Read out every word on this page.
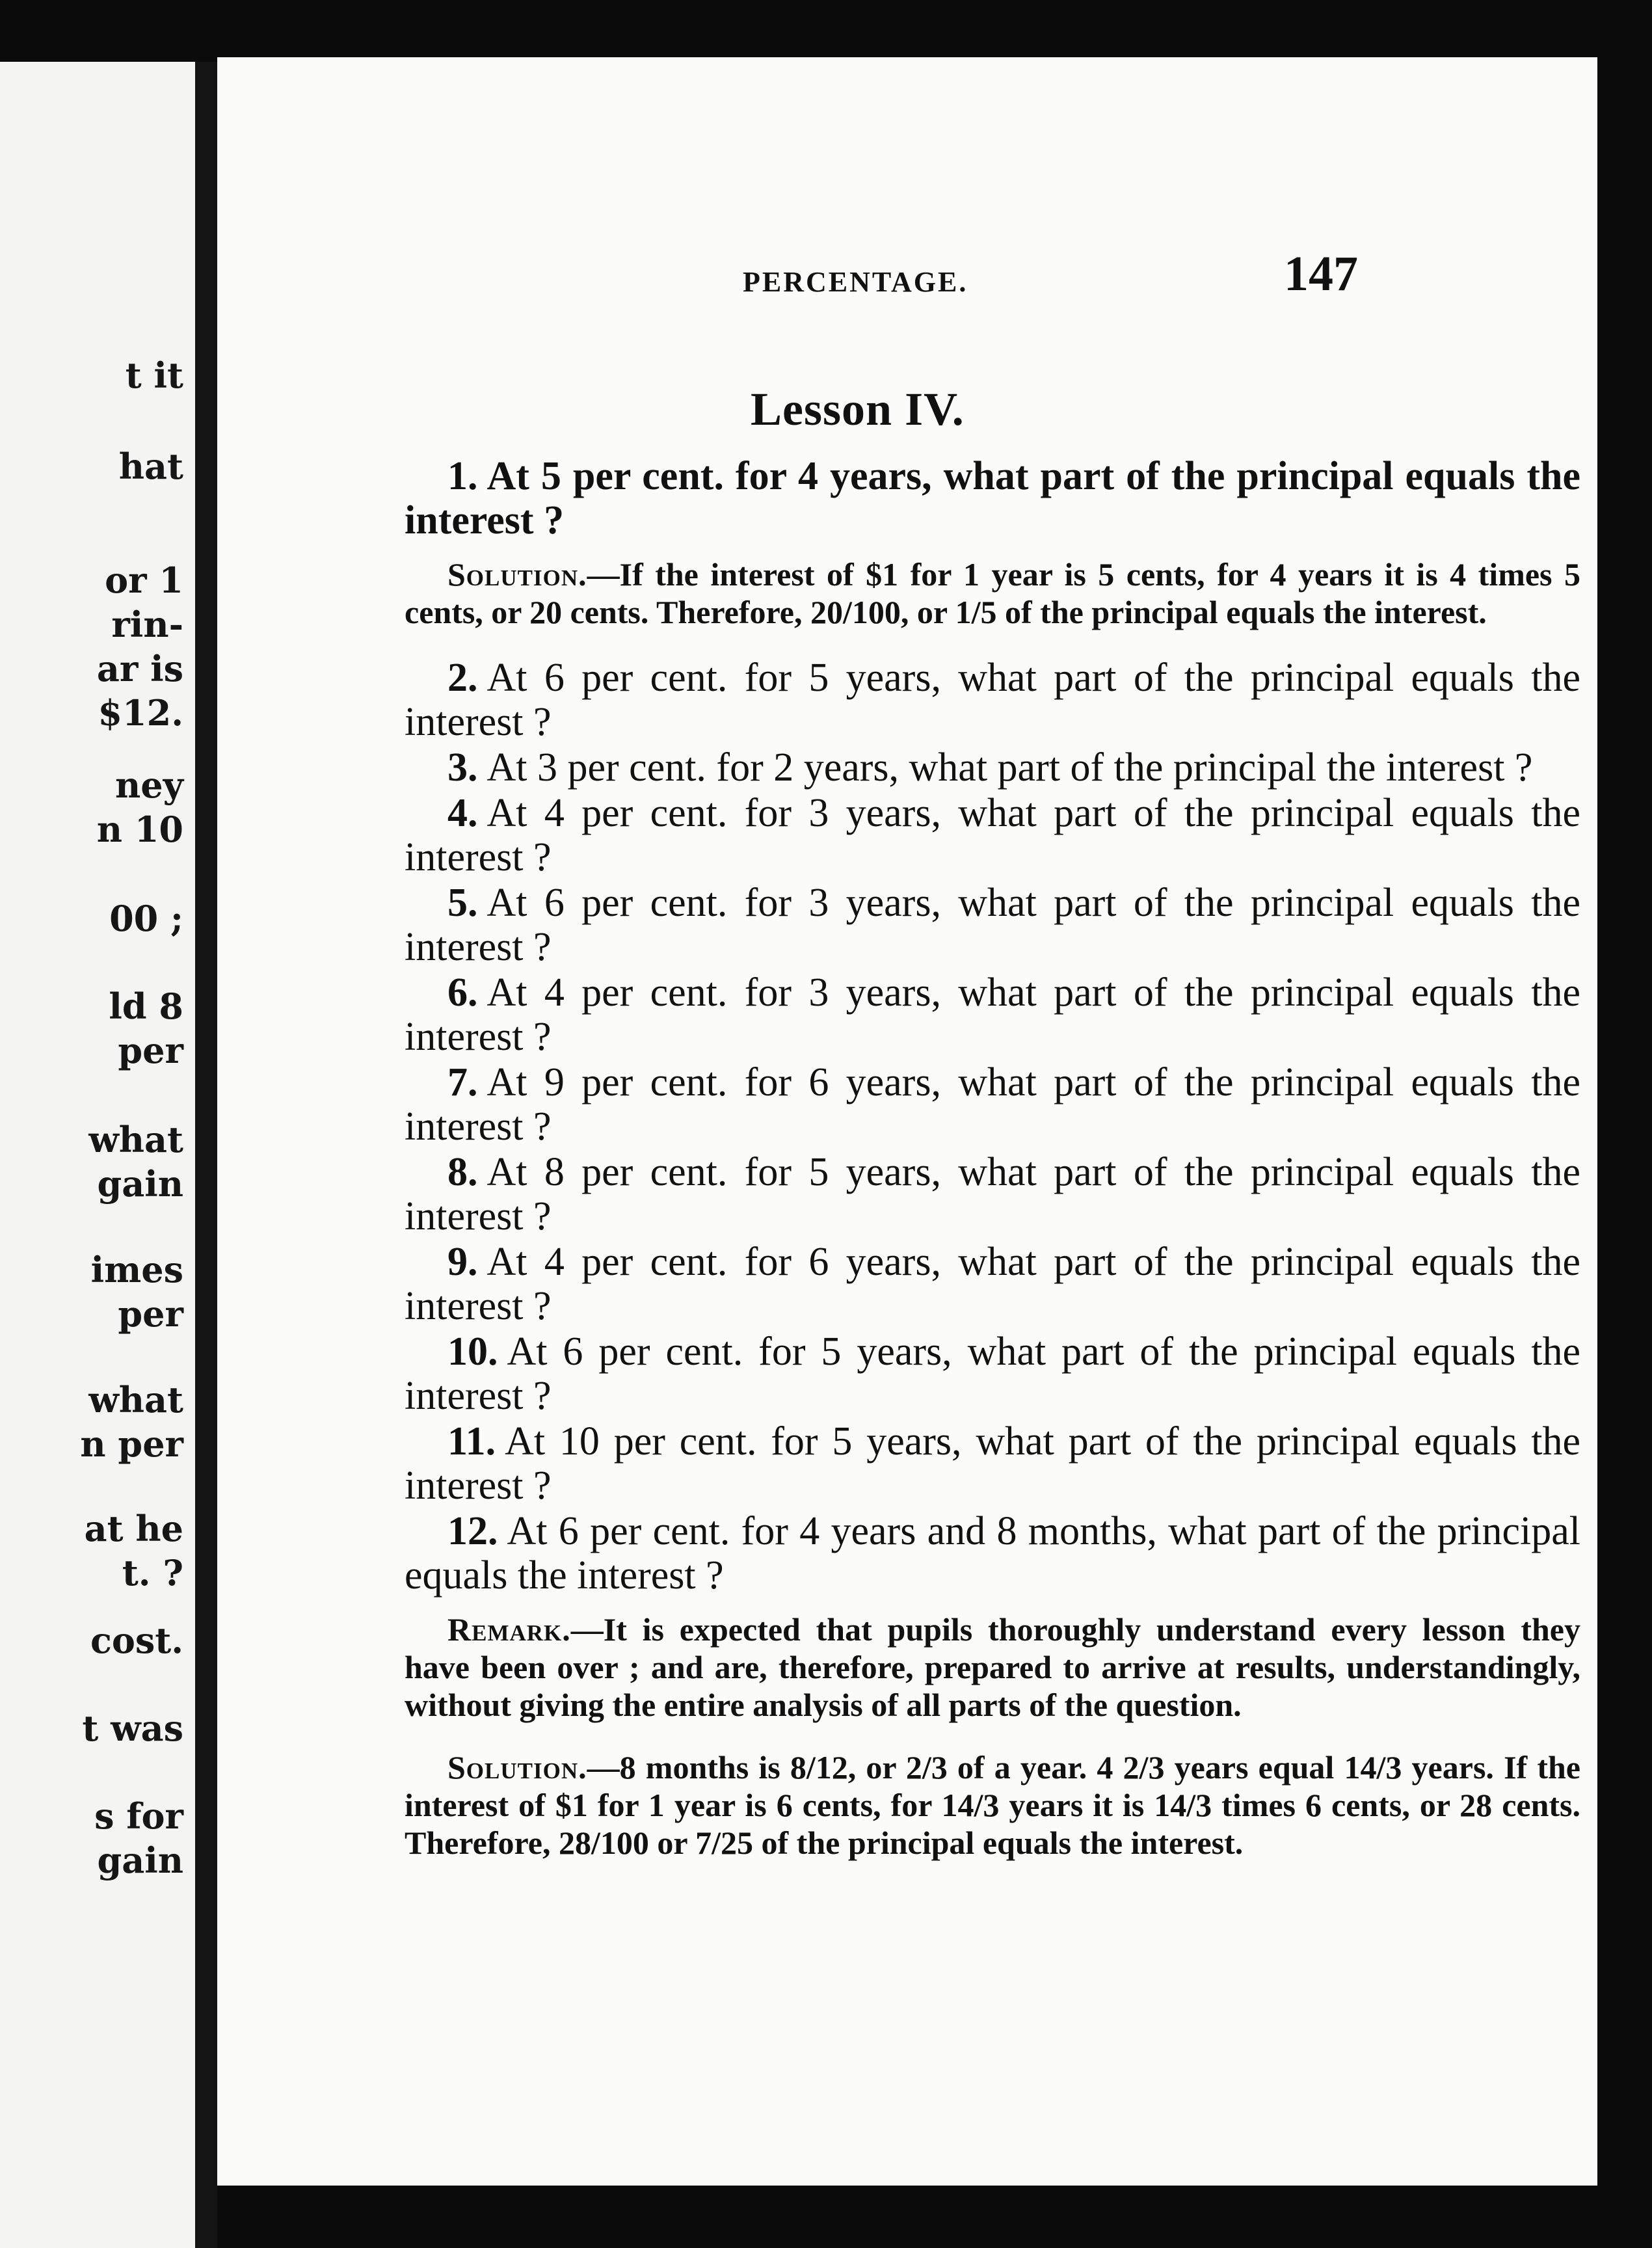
t it
hat
or 1
rin-
ar is
$12.
ney
n 10
00 ;
ld 8
per
what
gain
imes
per
what
n per
at he
t. ?
cost.
t was
s for
gain
PERCENTAGE.	147
Lesson IV.

1. At 5 per cent. for 4 years, what part of the principal equals the interest ?

Solution.—If the interest of $1 for 1 year is 5 cents, for 4 years it is 4 times 5 cents, or 20 cents. Therefore, 20/100, or 1/5 of the principal equals the interest.

2. At 6 per cent. for 5 years, what part of the principal equals the interest ?

3. At 3 per cent. for 2 years, what part of the principal the interest ?

4. At 4 per cent. for 3 years, what part of the principal equals the interest ?

5. At 6 per cent. for 3 years, what part of the principal equals the interest ?

6. At 4 per cent. for 3 years, what part of the principal equals the interest ?

7. At 9 per cent. for 6 years, what part of the principal equals the interest ?

8. At 8 per cent. for 5 years, what part of the principal equals the interest ?

9. At 4 per cent. for 6 years, what part of the principal equals the interest ?

10. At 6 per cent. for 5 years, what part of the principal equals the interest ?

11. At 10 per cent. for 5 years, what part of the principal equals the interest ?

12. At 6 per cent. for 4 years and 8 months, what part of the principal equals the interest ?

Remark.—It is expected that pupils thoroughly understand every lesson they have been over ; and are, therefore, prepared to arrive at results, understandingly, without giving the entire analysis of all parts of the question.

Solution.—8 months is 8/12, or 2/3 of a year. 4 2/3 years equal 14/3 years. If the interest of $1 for 1 year is 6 cents, for 14/3 years it is 14/3 times 6 cents, or 28 cents. Therefore, 28/100 or 7/25 of the principal equals the interest.
